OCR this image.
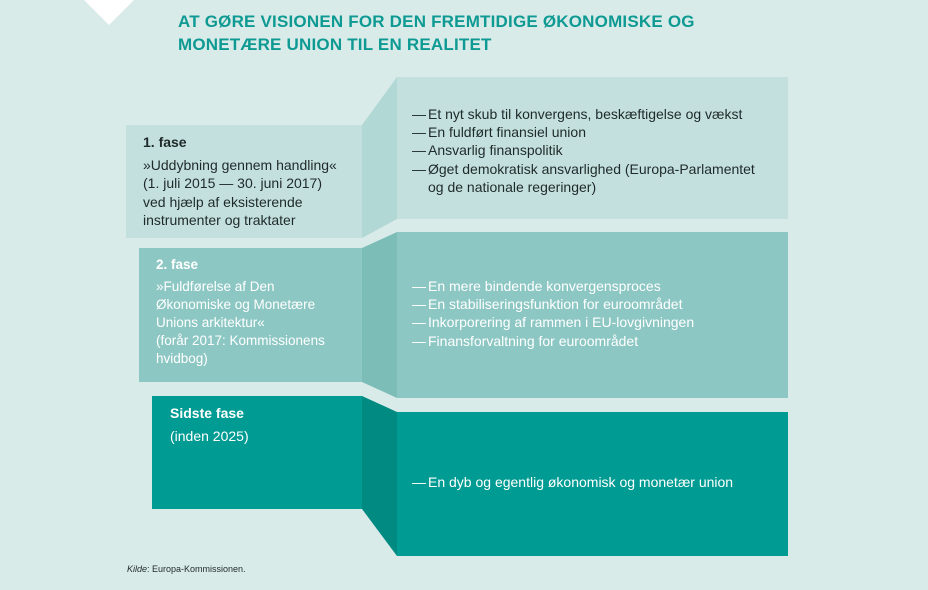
AT GØRE VISIONEN FOR DEN FREMTIDIGE ØKONOMISKE OG
MONETÆRE UNION TIL EN REALITET
1. fase
»Uddybning gennem handling«
(1. juli 2015 — 30. juni 2017)
ved hjælp af eksisterende
instrumenter og traktater
— Et nyt skub til konvergens, beskæftigelse og vækst
— En fuldført finansiel union
— Ansvarlig finanspolitik
— Øget demokratisk ansvarlighed (Europa-Parlamentet
og de nationale regeringer)
2. fase
»Fuldførelse af Den
Økonomiske og Monetære
Unions arkitektur«
(forår 2017: Kommissionens
hvidbog)
— En mere bindende konvergensproces
— En stabiliseringsfunktion for euroområdet
— Inkorporering af rammen i EU-lovgivningen
— Finansforvaltning for euroområdet
Sidste fase
(inden 2025)
— En dyb og egentlig økonomisk og monetær union
Kilde: Europa-Kommissionen.
